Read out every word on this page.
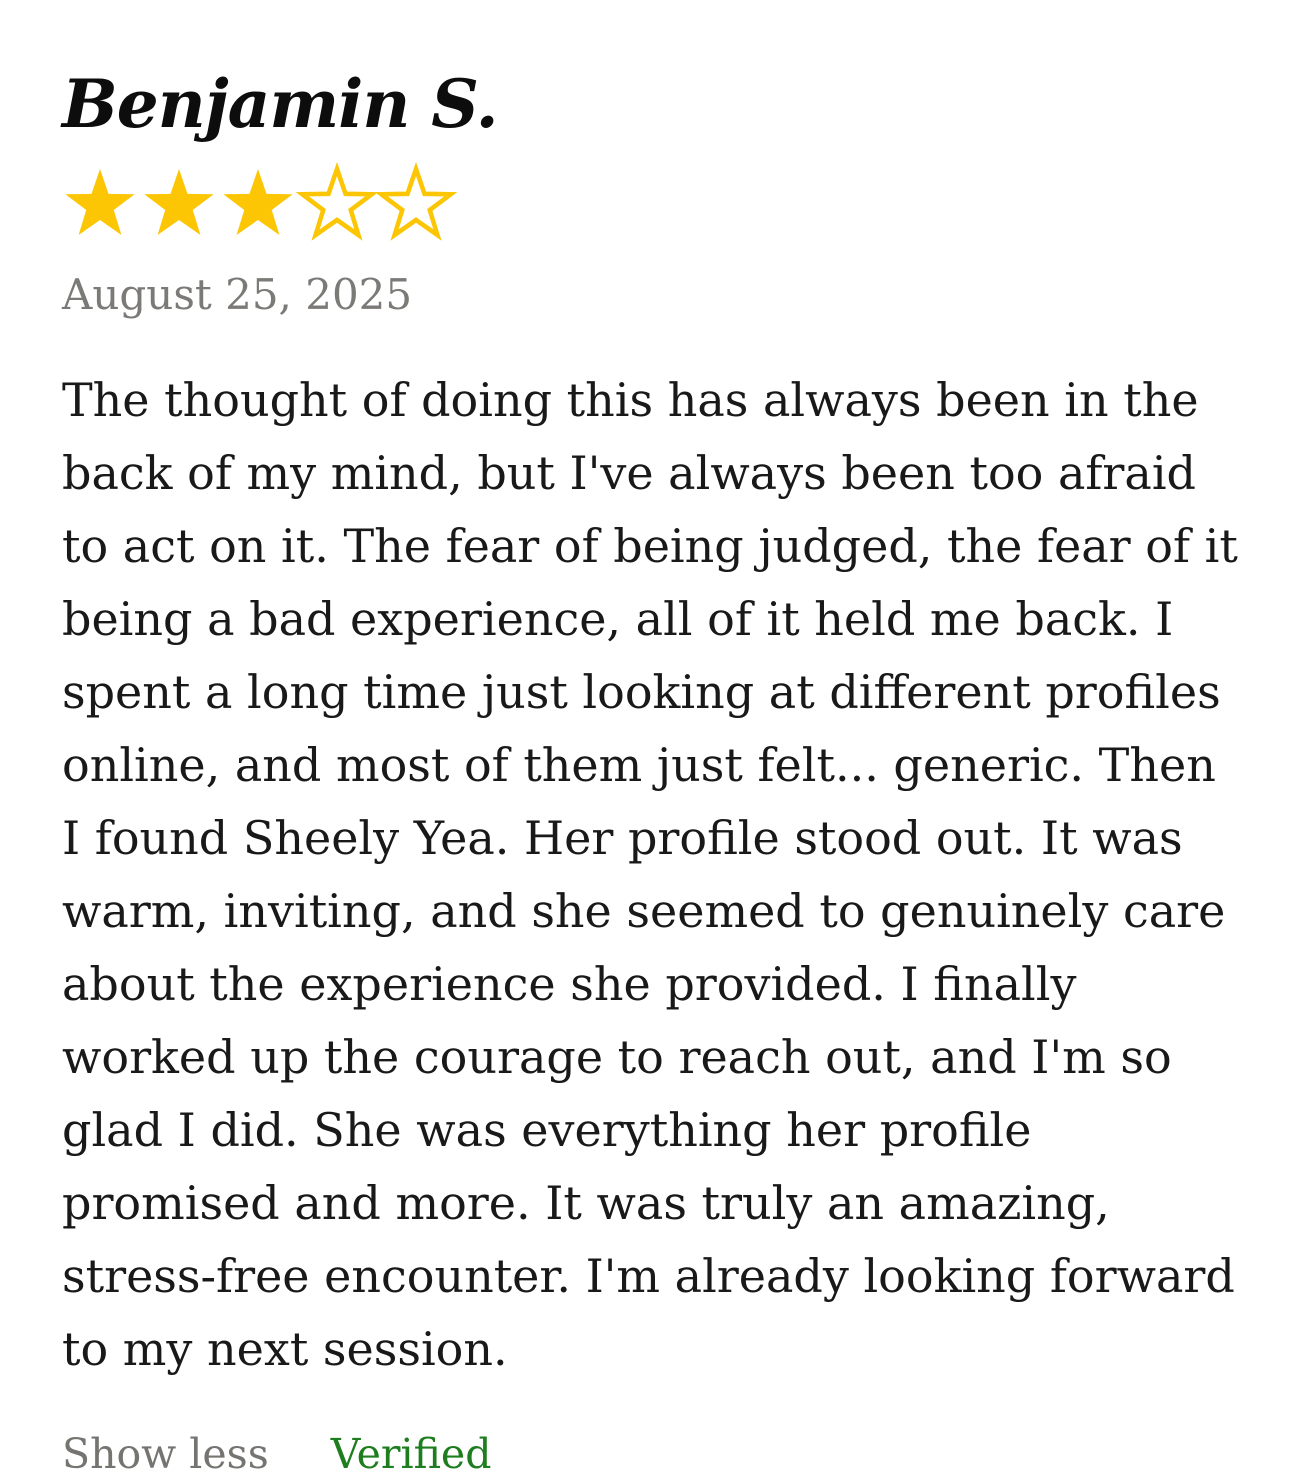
Benjamin S.
August 25, 2025

The thought of doing this has always been in the back of my mind, but I've always been too afraid to act on it. The fear of being judged, the fear of it being a bad experience, all of it held me back. I spent a long time just looking at different profiles online, and most of them just felt... generic. Then I found Sheely Yea. Her profile stood out. It was warm, inviting, and she seemed to genuinely care about the experience she provided. I finally worked up the courage to reach out, and I'm so glad I did. She was everything her profile promised and more. It was truly an amazing, stress-free encounter. I'm already looking forward to my next session.

Show less Verified
